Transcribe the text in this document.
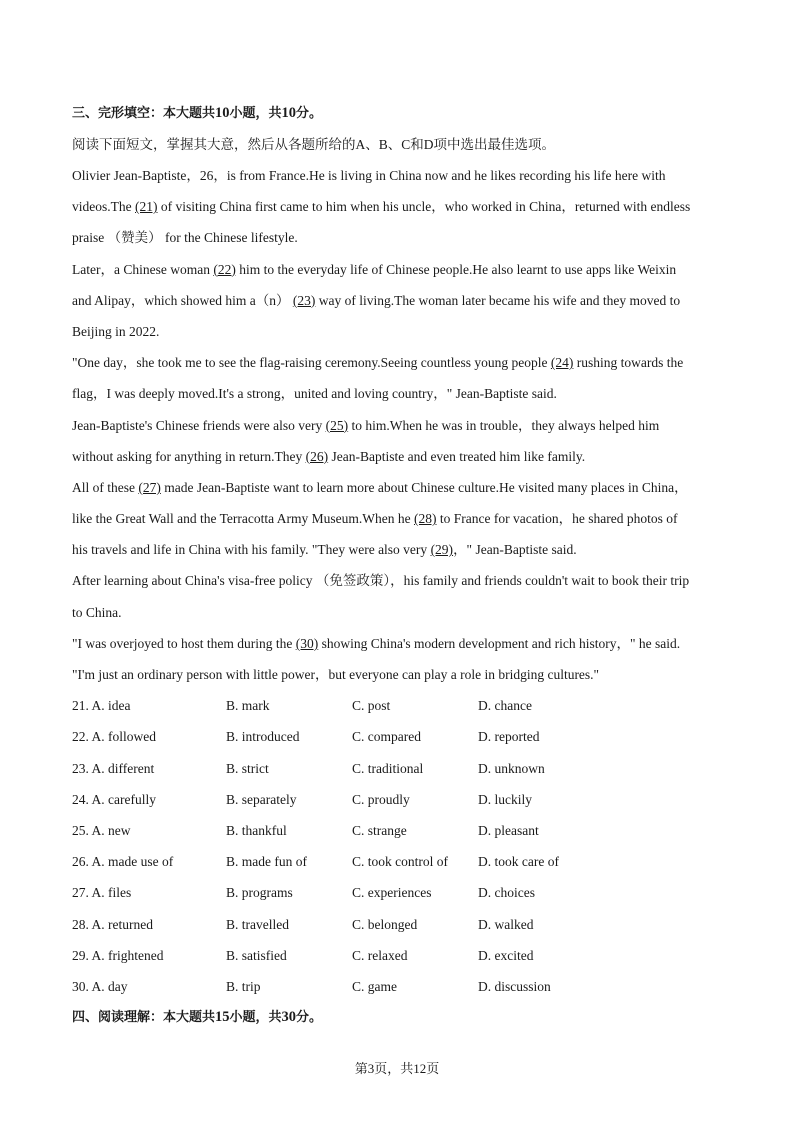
三、完形填空：本大题共10小题，共10分。
阅读下面短文，掌握其大意，然后从各题所给的A、B、C和D项中选出最佳选项。
Olivier Jean-Baptiste，26，is from France.He is living in China now and he likes recording his life here with
videos.The (21) of visiting China first came to him when his uncle，who worked in China，returned with endless
praise （赞美） for the Chinese lifestyle.
Later，a Chinese woman (22) him to the everyday life of Chinese people.He also learnt to use apps like Weixin
and Alipay，which showed him a（n） (23) way of living.The woman later became his wife and they moved to
Beijing in 2022.
"One day，she took me to see the flag-raising ceremony.Seeing countless young people (24) rushing towards the
flag，I was deeply moved.It's a strong，united and loving country，" Jean-Baptiste said.
Jean-Baptiste's Chinese friends were also very (25) to him.When he was in trouble，they always helped him
without asking for anything in return.They (26) Jean-Baptiste and even treated him like family.
All of these (27) made Jean-Baptiste want to learn more about Chinese culture.He visited many places in China，
like the Great Wall and the Terracotta Army Museum.When he (28) to France for vacation，he shared photos of
his travels and life in China with his family. "They were also very (29)，" Jean-Baptiste said.
After learning about China's visa-free policy （免签政策），his family and friends couldn't wait to book their trip
to China.
"I was overjoyed to host them during the (30) showing China's modern development and rich history，" he said.
"I'm just an ordinary person with little power，but everyone can play a role in bridging cultures."
21. A. idea	B. mark	C. post	D. chance
22. A. followed	B. introduced	C. compared	D. reported
23. A. different	B. strict	C. traditional	D. unknown
24. A. carefully	B. separately	C. proudly	D. luckily
25. A. new	B. thankful	C. strange	D. pleasant
26. A. made use of	B. made fun of	C. took control of	D. took care of
27. A. files	B. programs	C. experiences	D. choices
28. A. returned	B. travelled	C. belonged	D. walked
29. A. frightened	B. satisfied	C. relaxed	D. excited
30. A. day	B. trip	C. game	D. discussion
四、阅读理解：本大题共15小题，共30分。
第3页，共12页
